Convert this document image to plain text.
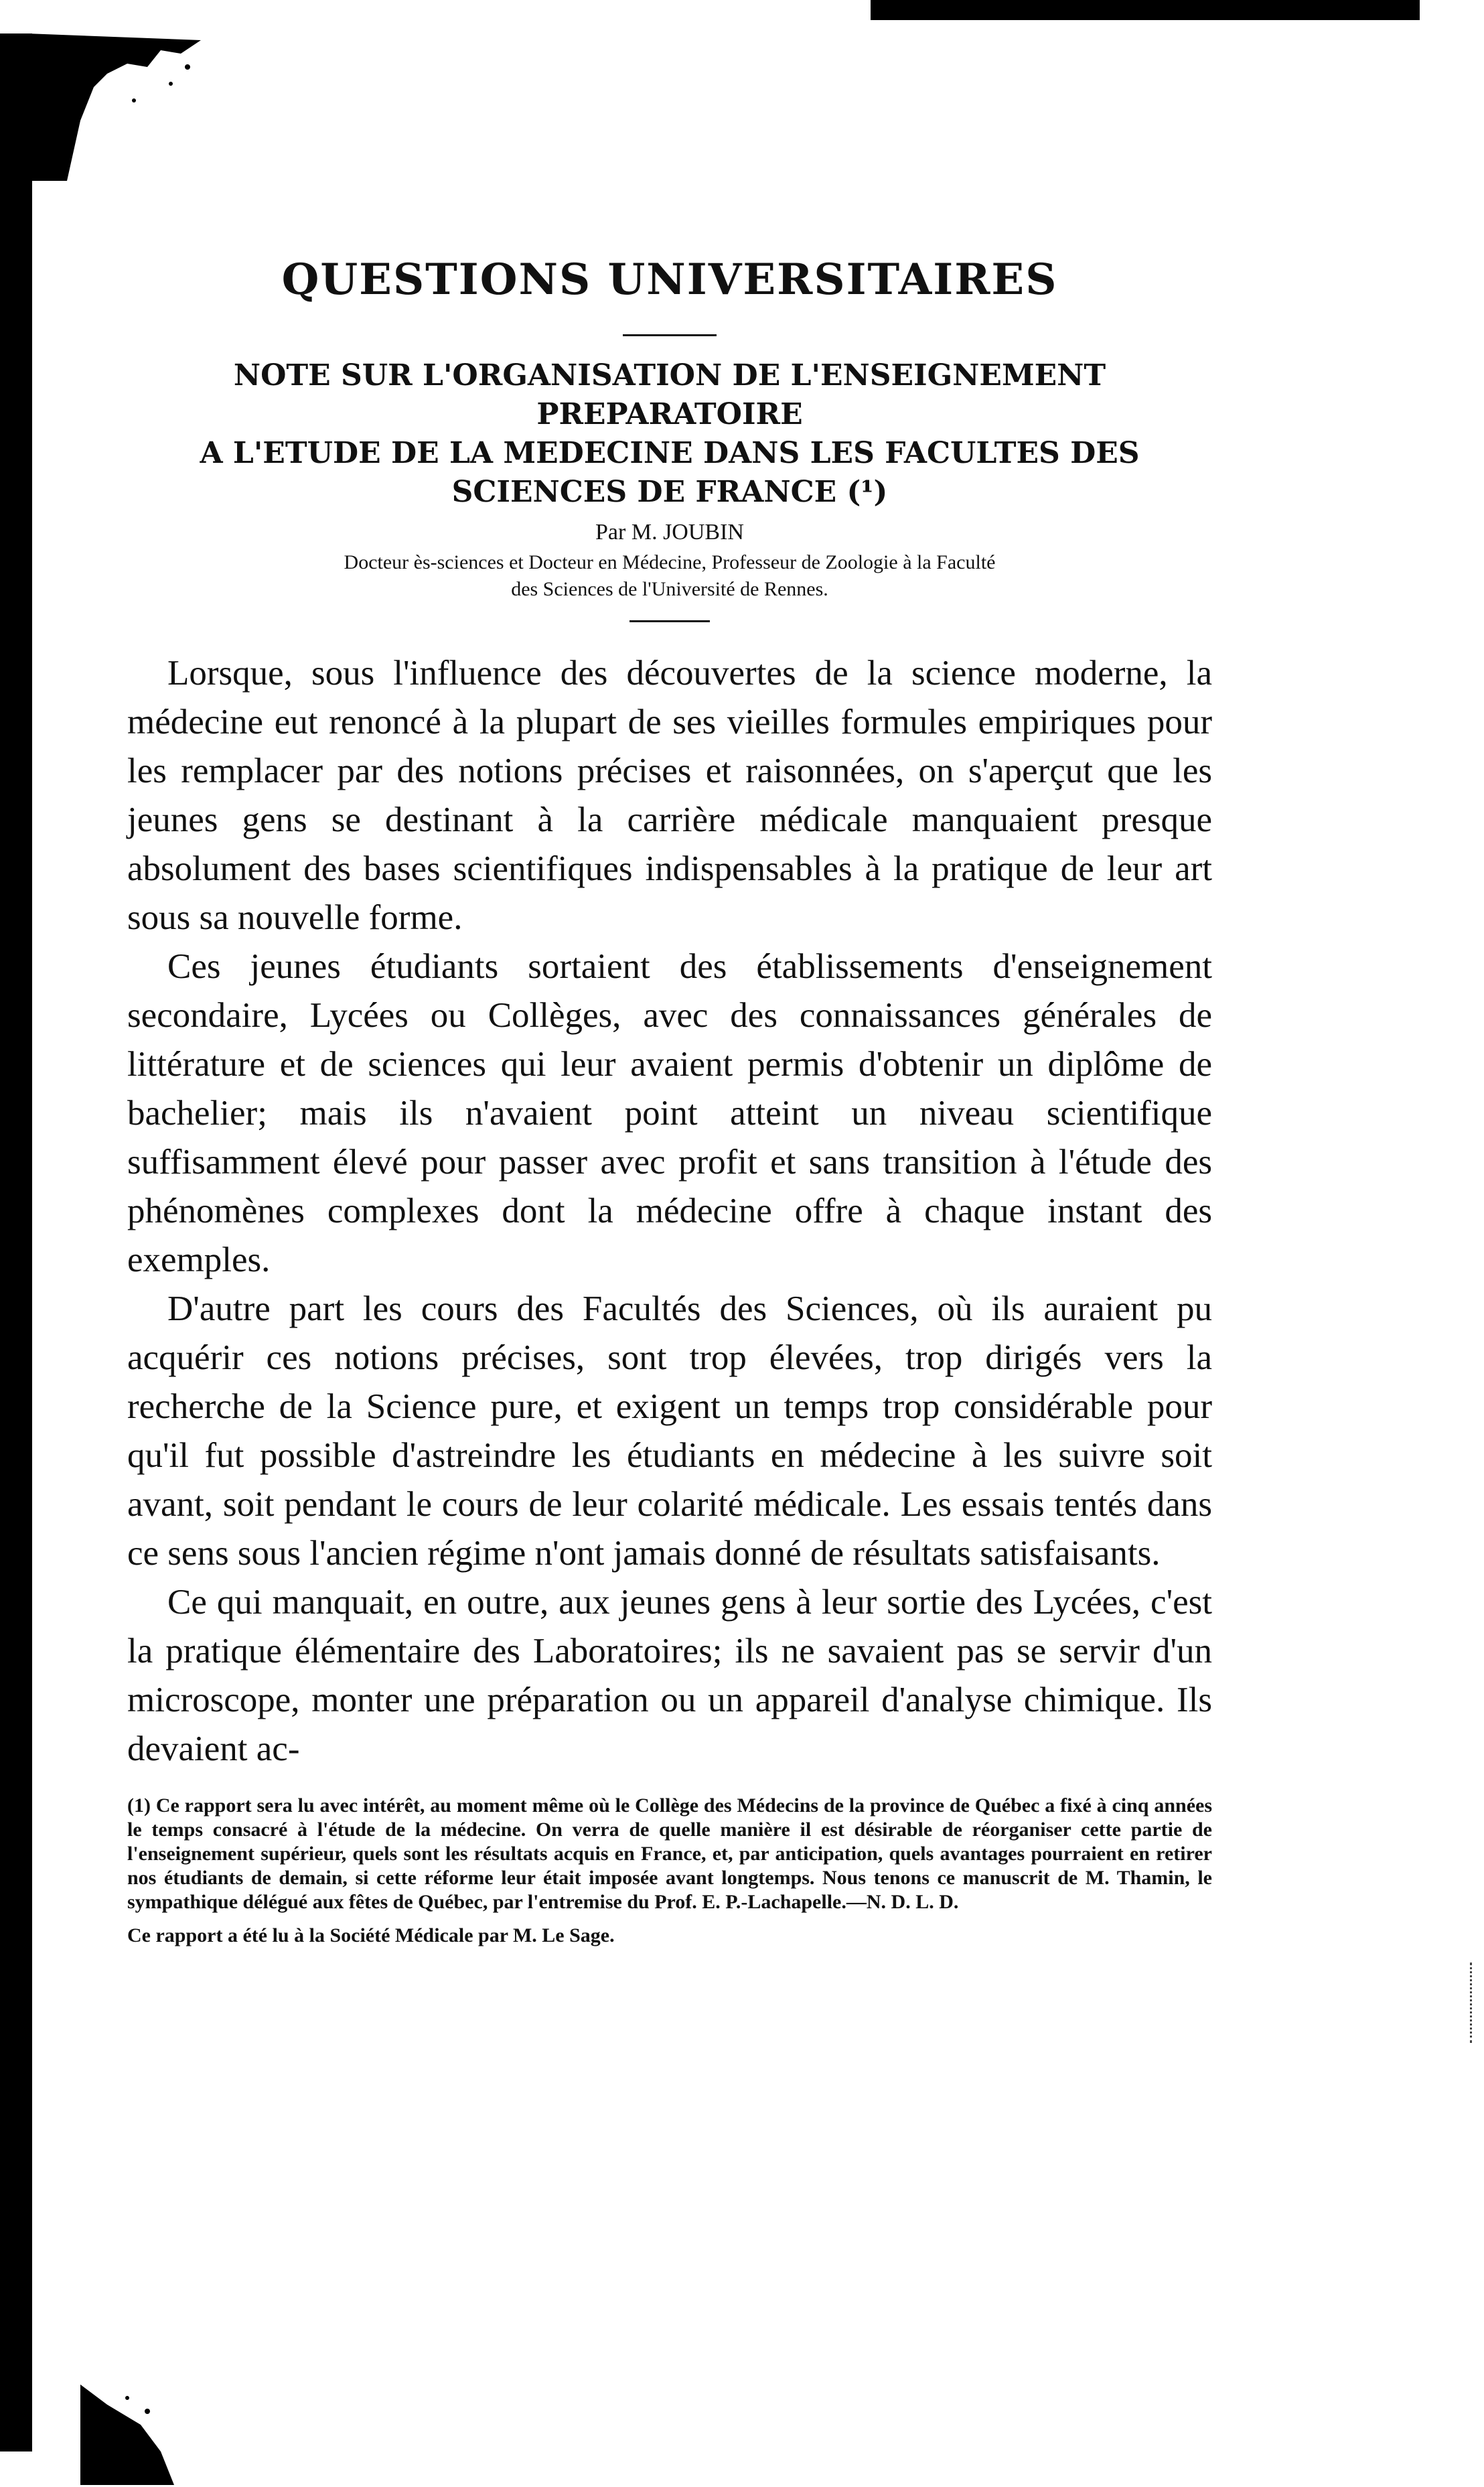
QUESTIONS UNIVERSITAIRES
NOTE SUR L'ORGANISATION DE L'ENSEIGNEMENT PREPARATOIRE
A L'ETUDE DE LA MEDECINE DANS LES FACULTES DES
SCIENCES DE FRANCE (¹)
Par M. JOUBIN
Docteur ès-sciences et Docteur en Médecine, Professeur de Zoologie à la Faculté
des Sciences de l'Université de Rennes.

Lorsque, sous l'influence des découvertes de la science moderne, la médecine eut renoncé à la plupart de ses vieilles formules empiriques pour les remplacer par des notions précises et raisonnées, on s'aperçut que les jeunes gens se destinant à la carrière médicale manquaient presque absolument des bases scientifiques indispensables à la pratique de leur art sous sa nouvelle forme.

Ces jeunes étudiants sortaient des établissements d'enseignement secondaire, Lycées ou Collèges, avec des connaissances générales de littérature et de sciences qui leur avaient permis d'obtenir un diplôme de bachelier; mais ils n'avaient point atteint un niveau scientifique suffisamment élevé pour passer avec profit et sans transition à l'étude des phénomènes complexes dont la médecine offre à chaque instant des exemples.

D'autre part les cours des Facultés des Sciences, où ils auraient pu acquérir ces notions précises, sont trop élevées, trop dirigés vers la recherche de la Science pure, et exigent un temps trop considérable pour qu'il fut possible d'astreindre les étudiants en médecine à les suivre soit avant, soit pendant le cours de leur colarité médicale. Les essais tentés dans ce sens sous l'ancien régime n'ont jamais donné de résultats satisfaisants.

Ce qui manquait, en outre, aux jeunes gens à leur sortie des Lycées, c'est la pratique élémentaire des Laboratoires; ils ne savaient pas se servir d'un microscope, monter une préparation ou un appareil d'analyse chimique. Ils devaient ac-

(1) Ce rapport sera lu avec intérêt, au moment même où le Collège des Médecins de la province de Québec a fixé à cinq années le temps consacré à l'étude de la médecine. On verra de quelle manière il est désirable de réorganiser cette partie de l'enseignement supérieur, quels sont les résultats acquis en France, et, par anticipation, quels avantages pourraient en retirer nos étudiants de demain, si cette réforme leur était imposée avant longtemps. Nous tenons ce manuscrit de M. Thamin, le sympathique délégué aux fêtes de Québec, par l'entremise du Prof. E. P.-Lachapelle.—N. D. L. D.

Ce rapport a été lu à la Société Médicale par M. Le Sage.
